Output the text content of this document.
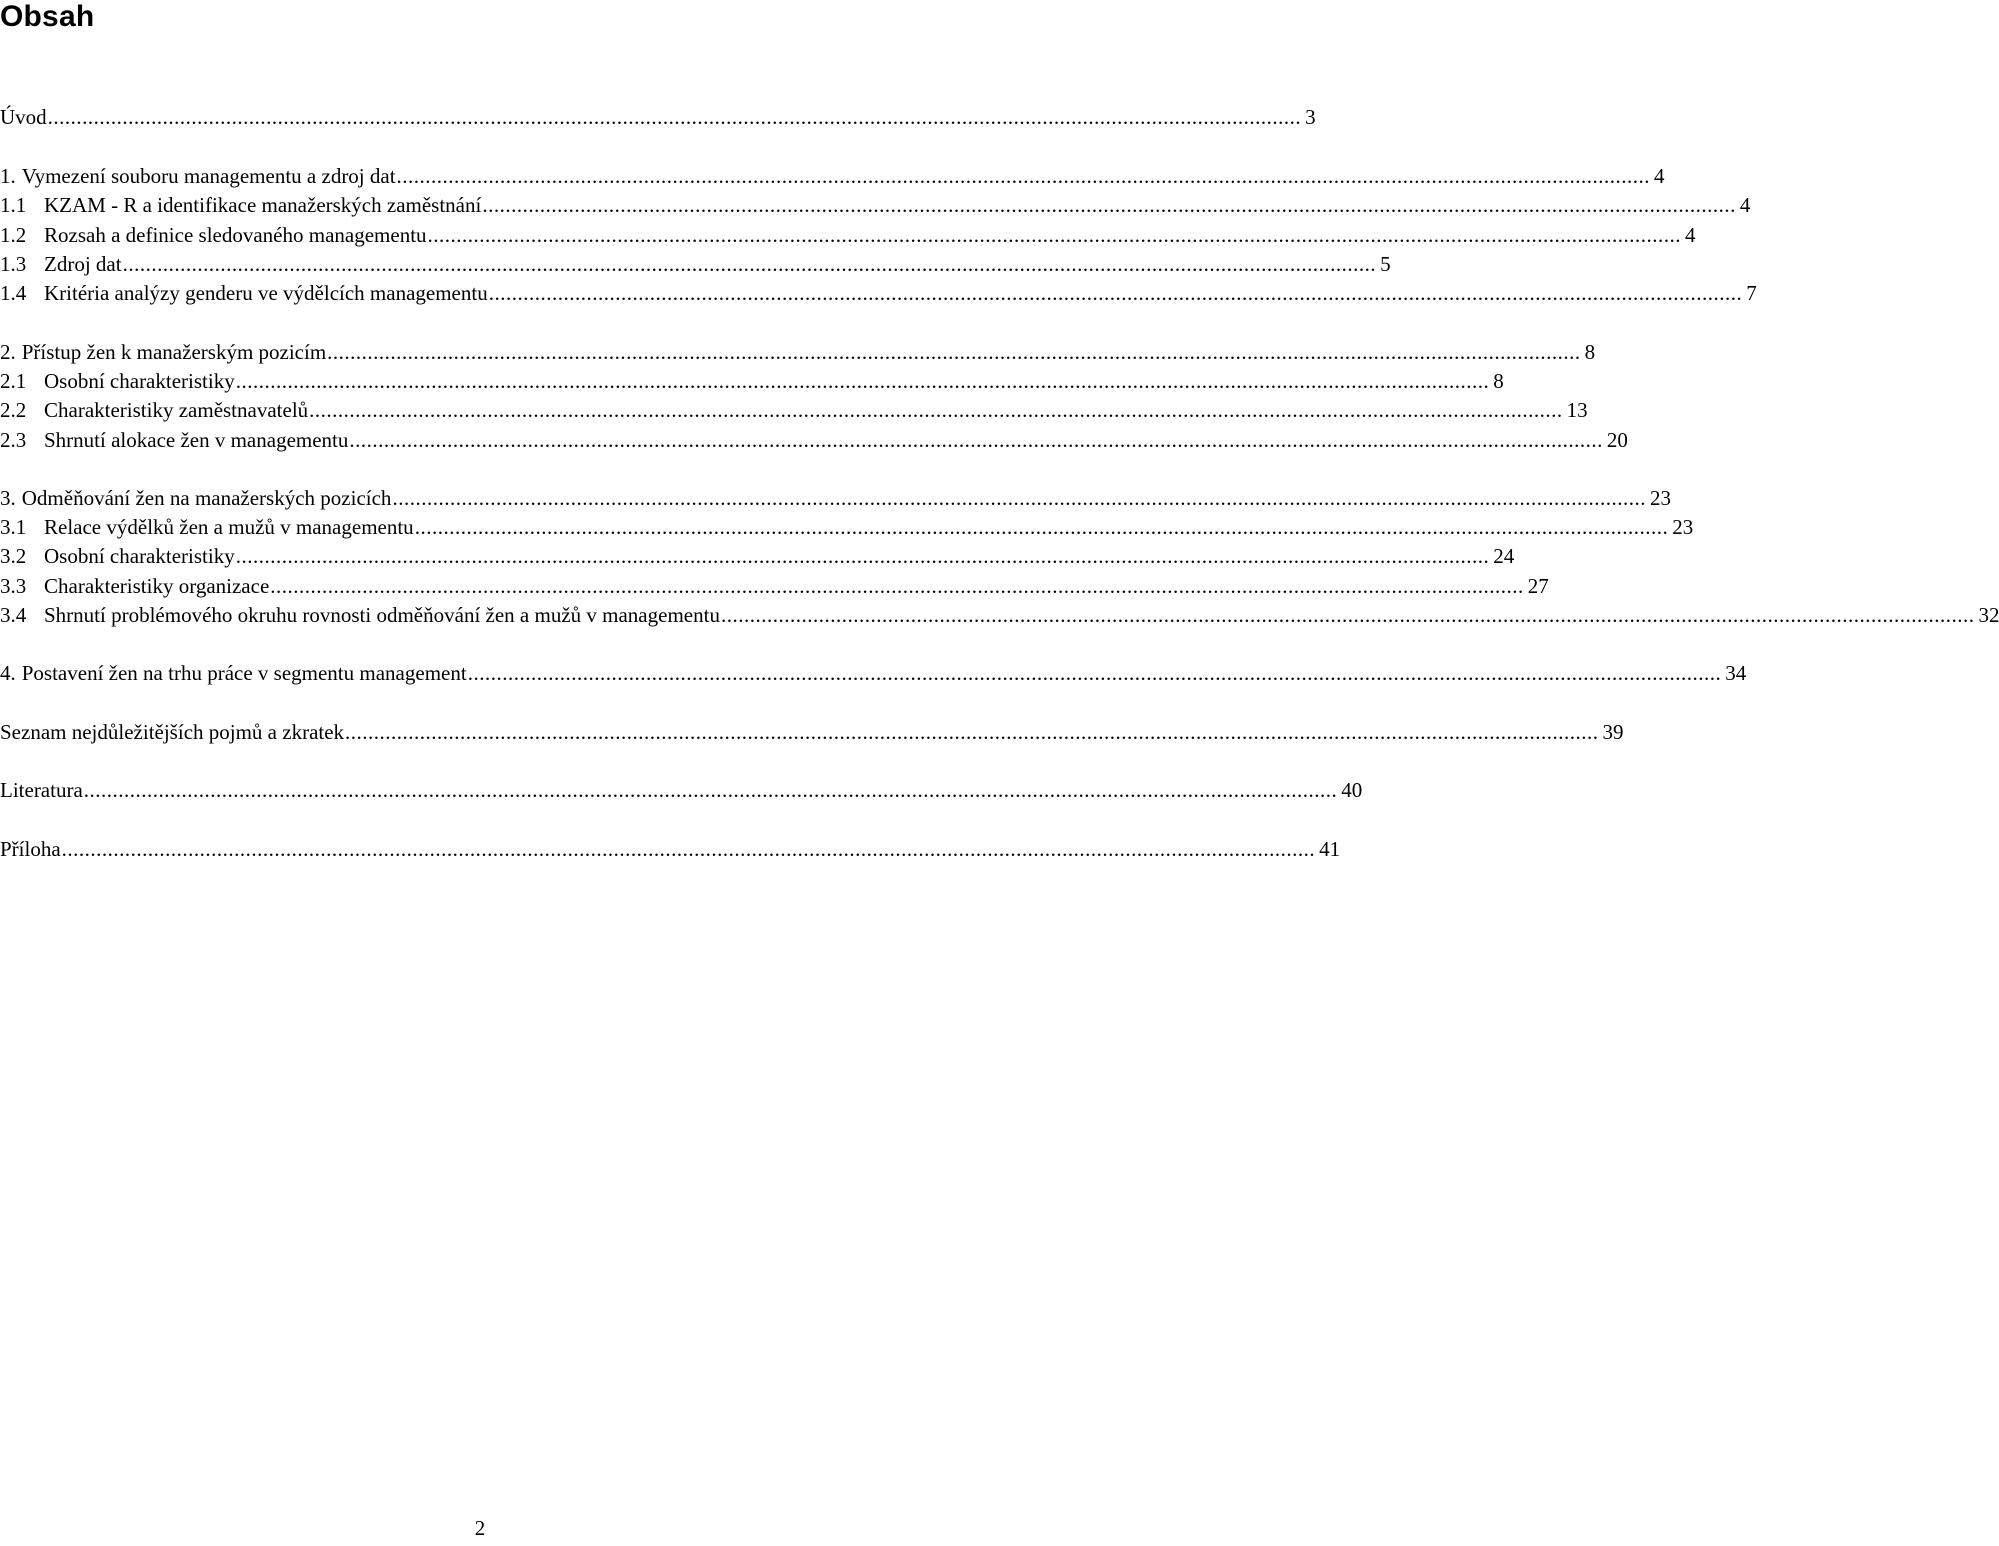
Obsah
Úvod .......................................................................................................................................................................................................................... 3
1. Vymezení souboru managementu a zdroj dat .......................................................................................................................................................................................................................... 4
1.1 KZAM - R a identifikace manažerských zaměstnání .......................................................................................................................................................................................................................... 4
1.2 Rozsah a definice sledovaného managementu .......................................................................................................................................................................................................................... 4
1.3 Zdroj dat .......................................................................................................................................................................................................................... 5
1.4 Kritéria analýzy genderu ve výdělcích managementu .......................................................................................................................................................................................................................... 7
2. Přístup žen k manažerským pozicím .......................................................................................................................................................................................................................... 8
2.1 Osobní charakteristiky .......................................................................................................................................................................................................................... 8
2.2 Charakteristiky zaměstnavatelů .......................................................................................................................................................................................................................... 13
2.3 Shrnutí alokace žen v managementu .......................................................................................................................................................................................................................... 20
3. Odměňování žen na manažerských pozicích .......................................................................................................................................................................................................................... 23
3.1 Relace výdělků žen a mužů v managementu .......................................................................................................................................................................................................................... 23
3.2 Osobní charakteristiky .......................................................................................................................................................................................................................... 24
3.3 Charakteristiky organizace .......................................................................................................................................................................................................................... 27
3.4 Shrnutí problémového okruhu rovnosti odměňování žen a mužů v managementu .......................................................................................................................................................................................................................... 32
4. Postavení žen na trhu práce v segmentu management .......................................................................................................................................................................................................................... 34
Seznam nejdůležitějších pojmů a zkratek .......................................................................................................................................................................................................................... 39
Literatura .......................................................................................................................................................................................................................... 40
Příloha .......................................................................................................................................................................................................................... 41
2
